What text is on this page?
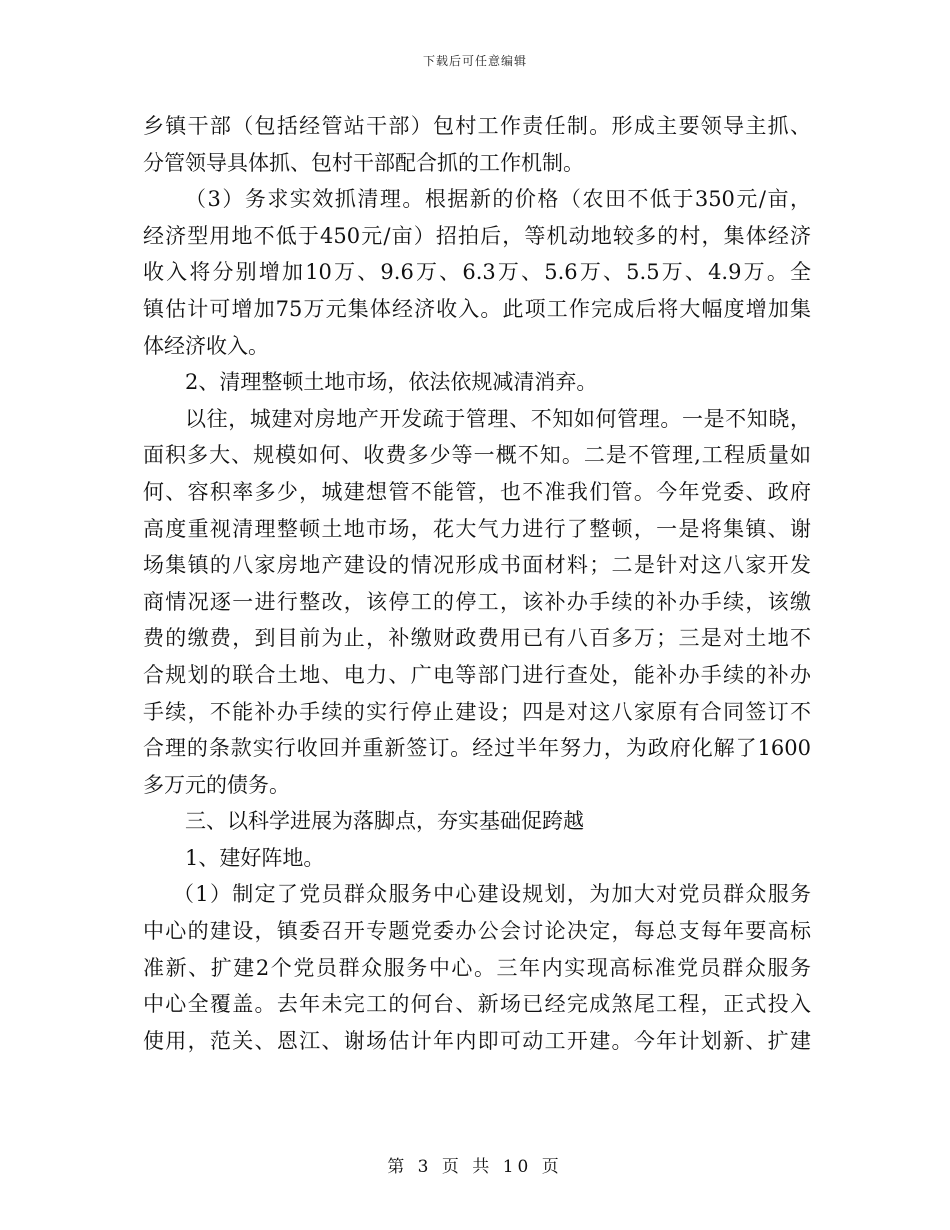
下载后可任意编辑
乡镇干部（包括经管站干部）包村工作责任制。形成主要领导主抓、
分管领导具体抓、包村干部配合抓的工作机制。
（3）务求实效抓清理。根据新的价格（农田不低于350元/亩，
经济型用地不低于450元/亩）招拍后，等机动地较多的村，集体经济
收入将分别增加10万、9.6万、6.3万、5.6万、5.5万、4.9万。全
镇估计可增加75万元集体经济收入。此项工作完成后将大幅度增加集
体经济收入。
2、清理整顿土地市场，依法依规减清消弃。
以往，城建对房地产开发疏于管理、不知如何管理。一是不知晓，
面积多大、规模如何、收费多少等一概不知。二是不管理,工程质量如
何、容积率多少，城建想管不能管，也不准我们管。今年党委、政府
高度重视清理整顿土地市场，花大气力进行了整顿，一是将集镇、谢
场集镇的八家房地产建设的情况形成书面材料；二是针对这八家开发
商情况逐一进行整改，该停工的停工，该补办手续的补办手续，该缴
费的缴费，到目前为止，补缴财政费用已有八百多万；三是对土地不
合规划的联合土地、电力、广电等部门进行查处，能补办手续的补办
手续，不能补办手续的实行停止建设；四是对这八家原有合同签订不
合理的条款实行收回并重新签订。经过半年努力，为政府化解了1600
多万元的债务。
三、以科学进展为落脚点，夯实基础促跨越
1、建好阵地。
（1）制定了党员群众服务中心建设规划，为加大对党员群众服务
中心的建设，镇委召开专题党委办公会讨论决定，每总支每年要高标
准新、扩建2个党员群众服务中心。三年内实现高标准党员群众服务
中心全覆盖。去年未完工的何台、新场已经完成煞尾工程，正式投入
使用，范关、恩江、谢场估计年内即可动工开建。今年计划新、扩建
第 3 页 共 10 页
